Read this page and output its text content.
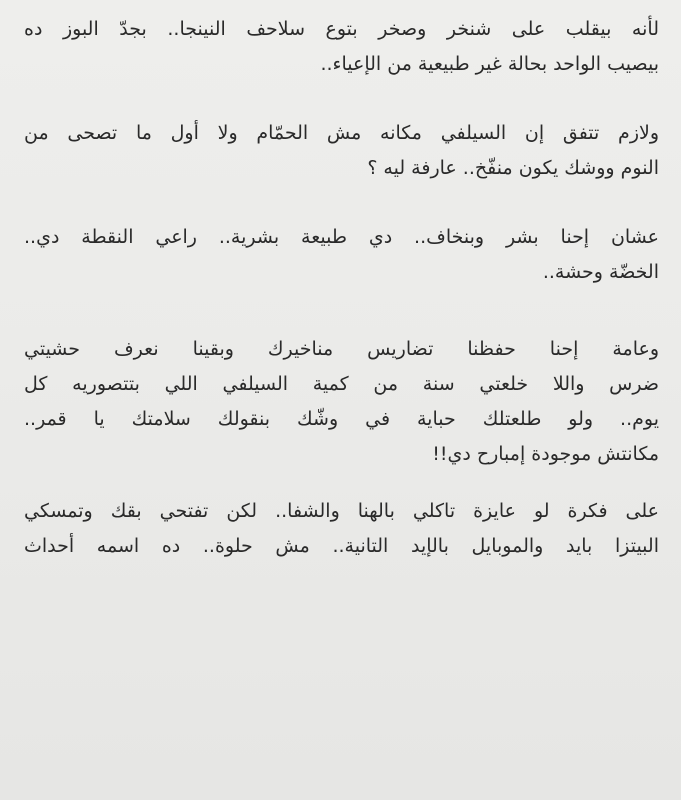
لأنه بيقلب على شنخر وصخر بتوع سلاحف النينجا.. بجدّ البوز ده
بيصيب الواحد بحالة غير طبيعية من الإعياء..
ولازم تتفق إن السيلفي مكانه مش الحمّام ولا أول ما تصحى من
النوم ووشك يكون منفّخ.. عارفة ليه ؟
عشان إحنا بشر وبنخاف.. دي طبيعة بشرية.. راعي النقطة دي..
الخضّة وحشة..
وعامة إحنا حفظنا تضاريس مناخيرك وبقينا نعرف حشيتي
ضرس واللا خلعتي سنة من كمية السيلفي اللي بتتصوريه كل
يوم.. ولو طلعتلك حباية في وشّك بنقولك سلامتك يا قمر..
مكانتش موجودة إمبارح دي!!
على فكرة لو عايزة تاكلي بالهنا والشفا.. لكن تفتحي بقك وتمسكي
البيتزا بايد والموبايل بالإيد التانية.. مش حلوة.. ده اسمه أحداث
